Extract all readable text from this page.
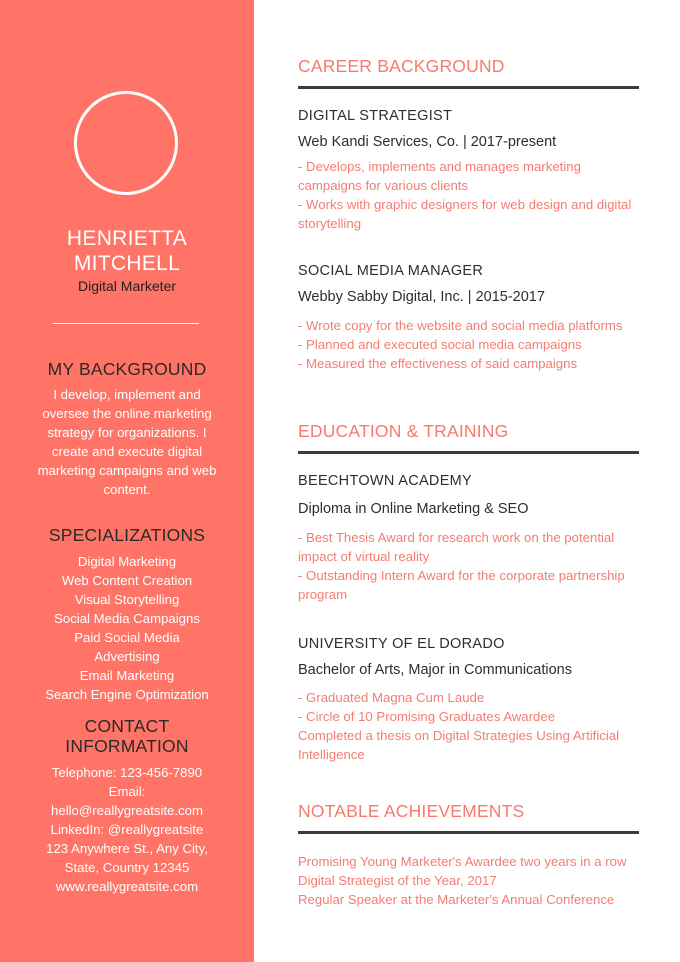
HENRIETTA
MITCHELL
Digital Marketer
MY BACKGROUND

I develop, implement and oversee the online marketing strategy for organizations. I create and execute digital marketing campaigns and web content.

SPECIALIZATIONS
Digital Marketing
Web Content Creation
Visual Storytelling
Social Media Campaigns
Paid Social Media
Advertising
Email Marketing
Search Engine Optimization
CONTACT
INFORMATION
Telephone: 123-456-7890
Email:
hello@reallygreatsite.com
LinkedIn: @reallygreatsite
123 Anywhere St., Any City,
State, Country 12345
www.reallygreatsite.com
CAREER BACKGROUND
DIGITAL STRATEGIST
Web Kandi Services, Co. | 2017-present
- Develops, implements and manages marketing campaigns for various clients
- Works with graphic designers for web design and digital storytelling
SOCIAL MEDIA MANAGER
Webby Sabby Digital, Inc. | 2015-2017
- Wrote copy for the website and social media platforms
- Planned and executed social media campaigns
- Measured the effectiveness of said campaigns
EDUCATION & TRAINING
BEECHTOWN ACADEMY
Diploma in Online Marketing & SEO
- Best Thesis Award for research work on the potential impact of virtual reality
- Outstanding Intern Award for the corporate partnership program
UNIVERSITY OF EL DORADO
Bachelor of Arts, Major in Communications
- Graduated Magna Cum Laude
- Circle of 10 Promising Graduates Awardee
Completed a thesis on Digital Strategies Using Artificial Intelligence
NOTABLE ACHIEVEMENTS
Promising Young Marketer's Awardee two years in a row
Digital Strategist of the Year, 2017
Regular Speaker at the Marketer's Annual Conference
